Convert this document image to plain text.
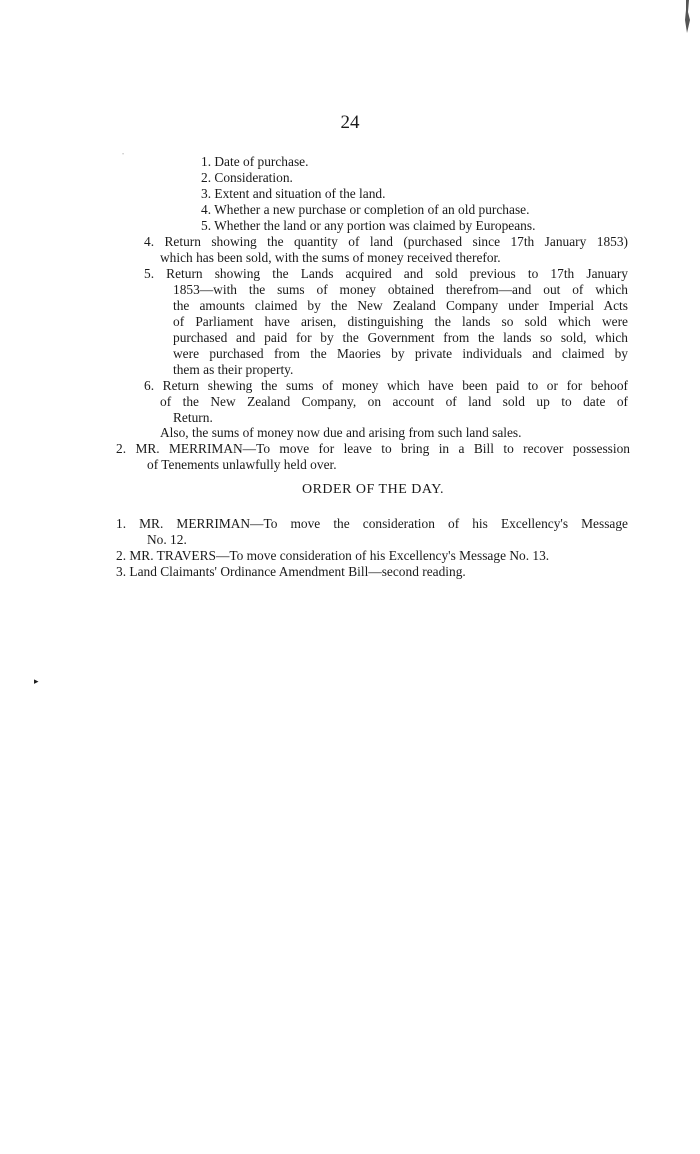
24
1. Date of purchase.
2. Consideration.
3. Extent and situation of the land.
4. Whether a new purchase or completion of an old purchase.
5. Whether the land or any portion was claimed by Europeans.
4. Return showing the quantity of land (purchased since 17th January 1853)
which has been sold, with the sums of money received therefor.
5. Return showing the Lands acquired and sold previous to 17th January
1853—with the sums of money obtained therefrom—and out of which
the amounts claimed by the New Zealand Company under Imperial Acts
of Parliament have arisen, distinguishing the lands so sold which were
purchased and paid for by the Government from the lands so sold, which
were purchased from the Maories by private individuals and claimed by
them as their property.
6. Return shewing the sums of money which have been paid to or for behoof
of the New Zealand Company, on account of land sold up to date of
Return.
Also, the sums of money now due and arising from such land sales.
2. MR. MERRIMAN—To move for leave to bring in a Bill to recover possession
of Tenements unlawfully held over.
ORDER OF THE DAY.
1. MR. MERRIMAN—To move the consideration of his Excellency's Message
No. 12.
2. MR. TRAVERS—To move consideration of his Excellency's Message No. 13.
3. Land Claimants' Ordinance Amendment Bill—second reading.
▸
•
